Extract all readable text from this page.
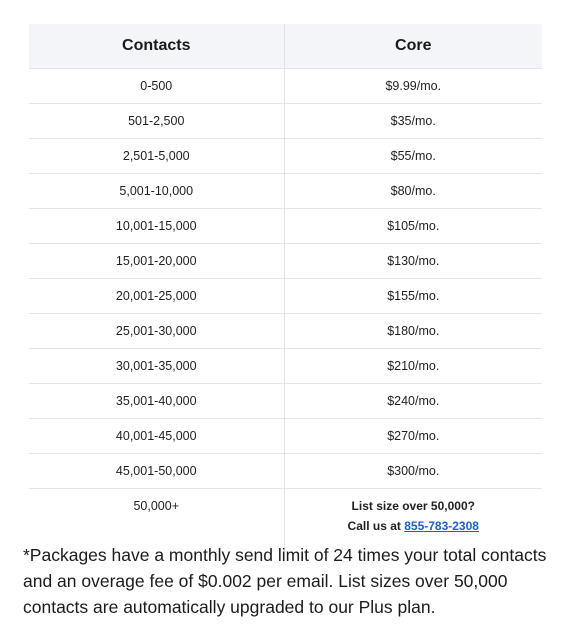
Contacts	Core
0-500	$9.99/mo.
501-2,500	$35/mo.
2,501-5,000	$55/mo.
5,001-10,000	$80/mo.
10,001-15,000	$105/mo.
15,001-20,000	$130/mo.
20,001-25,000	$155/mo.
25,001-30,000	$180/mo.
30,001-35,000	$210/mo.
35,001-40,000	$240/mo.
40,001-45,000	$270/mo.
45,001-50,000	$300/mo.
50,000+	List size over 50,000?
Call us at 855-783-2308

*Packages have a monthly send limit of 24 times your total contacts and an overage fee of $0.002 per email. List sizes over 50,000 contacts are automatically upgraded to our Plus plan.
